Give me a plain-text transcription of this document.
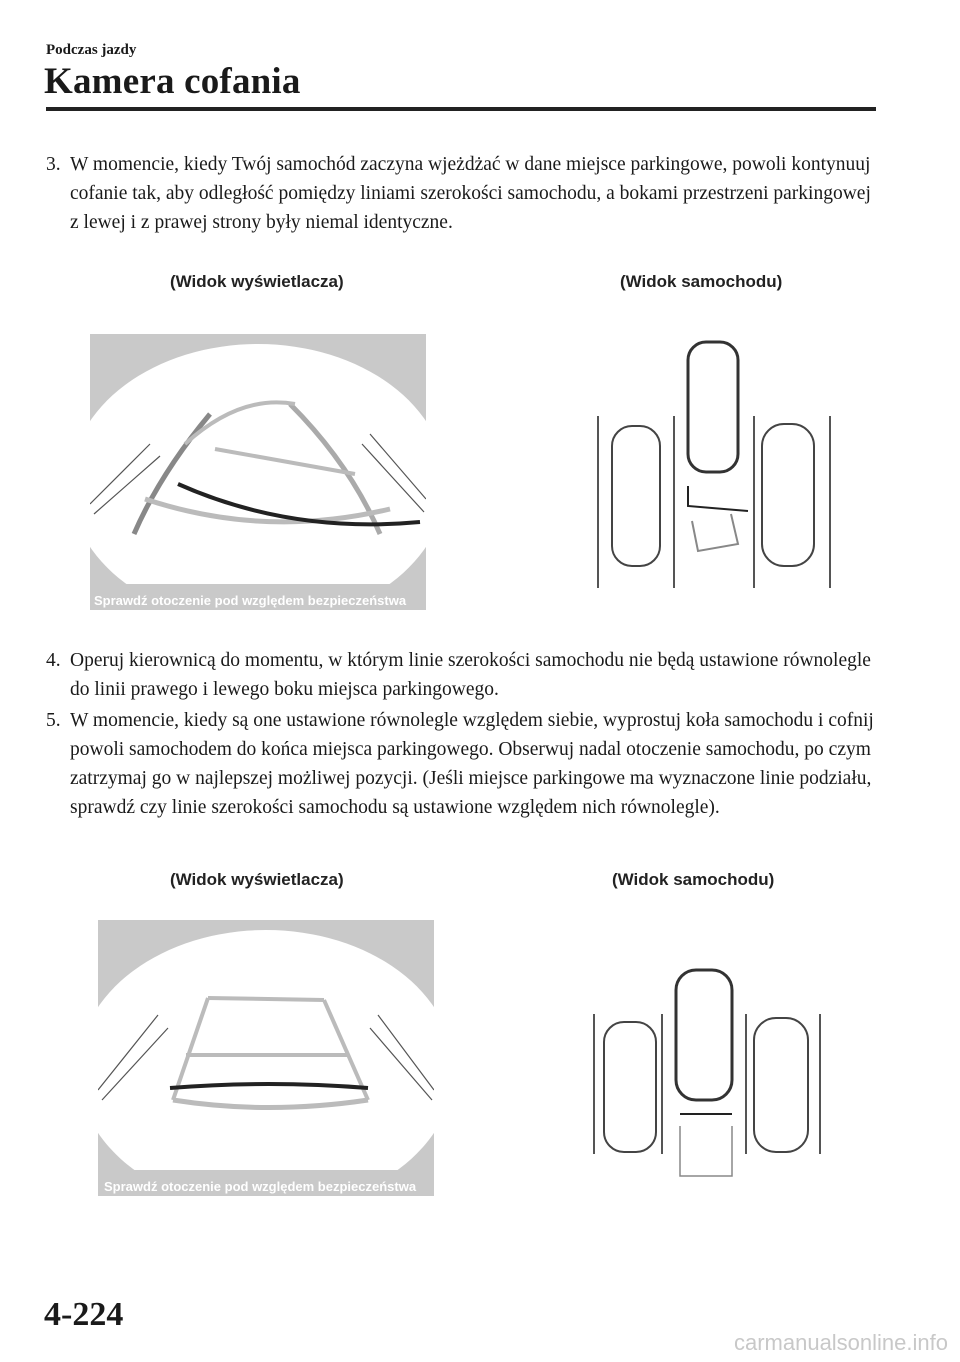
Podczas jazdy
Kamera cofania
3. W momencie, kiedy Twój samochód zaczyna wjeżdżać w dane miejsce parkingowe, powoli kontynuuj cofanie tak, aby odległość pomiędzy liniami szerokości samochodu, a bokami przestrzeni parkingowej z lewej i z prawej strony były niemal identyczne.
(Widok wyświetlacza)	(Widok samochodu)
Sprawdź otoczenie pod względem bezpieczeństwa
4. Operuj kierownicą do momentu, w którym linie szerokości samochodu nie będą ustawione równolegle do linii prawego i lewego boku miejsca parkingowego.
5. W momencie, kiedy są one ustawione równolegle względem siebie, wyprostuj koła samochodu i cofnij powoli samochodem do końca miejsca parkingowego. Obserwuj nadal otoczenie samochodu, po czym zatrzymaj go w najlepszej możliwej pozycji. (Jeśli miejsce parkingowe ma wyznaczone linie podziału, sprawdź czy linie szerokości samochodu są ustawione względem nich równolegle).
(Widok wyświetlacza)	(Widok samochodu)
Sprawdź otoczenie pod względem bezpieczeństwa
4-224
carmanualsonline.info
